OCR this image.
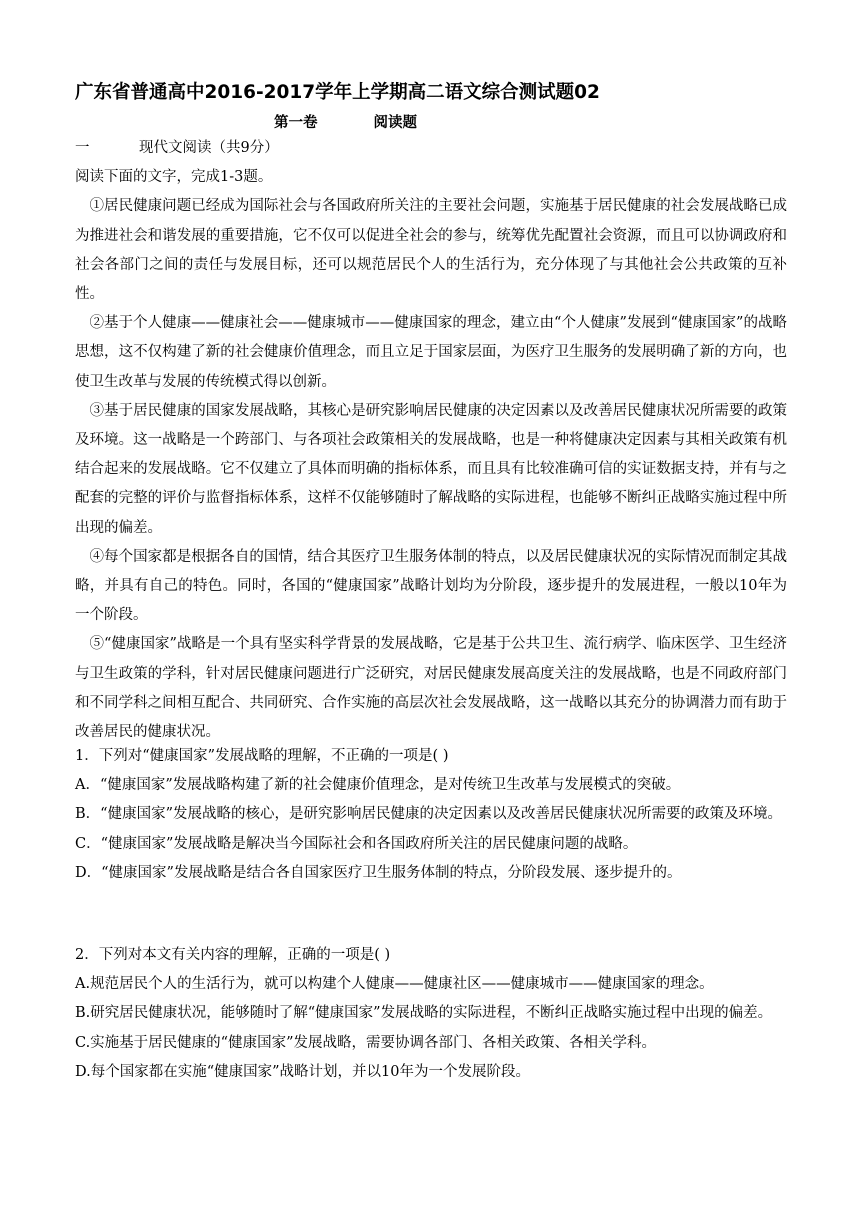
广东省普通高中2016-2017学年上学期高二语文综合测试题02
第一卷	阅读题
一	现代文阅读（共9分）

阅读下面的文字，完成1-3题。

①居民健康问题已经成为国际社会与各国政府所关注的主要社会问题，实施基于居民健康的社会发展战略已成为推进社会和谐发展的重要措施，它不仅可以促进全社会的参与，统筹优先配置社会资源，而且可以协调政府和社会各部门之间的责任与发展目标，还可以规范居民个人的生活行为，充分体现了与其他社会公共政策的互补性。

②基于个人健康——健康社会——健康城市——健康国家的理念，建立由“个人健康”发展到“健康国家”的战略思想，这不仅构建了新的社会健康价值理念，而且立足于国家层面，为医疗卫生服务的发展明确了新的方向，也使卫生改革与发展的传统模式得以创新。

③基于居民健康的国家发展战略，其核心是研究影响居民健康的决定因素以及改善居民健康状况所需要的政策及环境。这一战略是一个跨部门、与各项社会政策相关的发展战略，也是一种将健康决定因素与其相关政策有机结合起来的发展战略。它不仅建立了具体而明确的指标体系，而且具有比较准确可信的实证数据支持，并有与之配套的完整的评价与监督指标体系，这样不仅能够随时了解战略的实际进程，也能够不断纠正战略实施过程中所出现的偏差。

④每个国家都是根据各自的国情，结合其医疗卫生服务体制的特点，以及居民健康状况的实际情况而制定其战略，并具有自己的特色。同时，各国的“健康国家”战略计划均为分阶段，逐步提升的发展进程，一般以10年为一个阶段。

⑤“健康国家”战略是一个具有坚实科学背景的发展战略，它是基于公共卫生、流行病学、临床医学、卫生经济与卫生政策的学科，针对居民健康问题进行广泛研究，对居民健康发展高度关注的发展战略，也是不同政府部门和不同学科之间相互配合、共同研究、合作实施的高层次社会发展战略，这一战略以其充分的协调潜力而有助于改善居民的健康状况。

1．下列对“健康国家”发展战略的理解，不正确的一项是( )

A．“健康国家”发展战略构建了新的社会健康价值理念，是对传统卫生改革与发展模式的突破。

B．“健康国家”发展战略的核心，是研究影响居民健康的决定因素以及改善居民健康状况所需要的政策及环境。

C．“健康国家”发展战略是解决当今国际社会和各国政府所关注的居民健康问题的战略。

D．“健康国家”发展战略是结合各自国家医疗卫生服务体制的特点，分阶段发展、逐步提升的。

2．下列对本文有关内容的理解，正确的一项是( )

A.规范居民个人的生活行为，就可以构建个人健康——健康社区——健康城市——健康国家的理念。

B.研究居民健康状况，能够随时了解“健康国家”发展战略的实际进程，不断纠正战略实施过程中出现的偏差。

C.实施基于居民健康的“健康国家”发展战略，需要协调各部门、各相关政策、各相关学科。

D.每个国家都在实施“健康国家”战略计划，并以10年为一个发展阶段。
